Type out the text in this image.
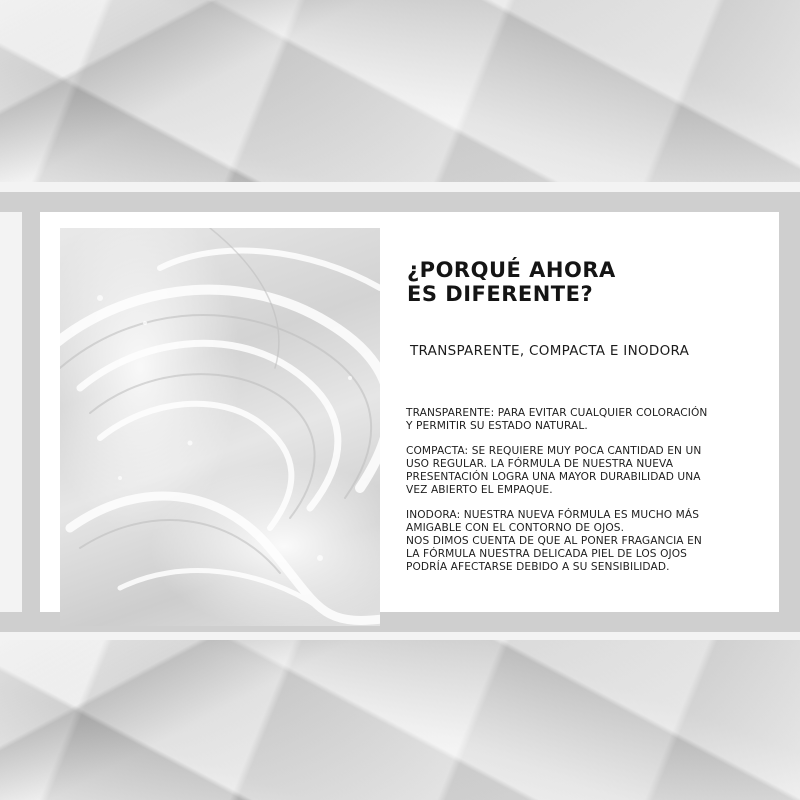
¿PORQUÉ AHORA
ES DIFERENTE?
TRANSPARENTE, COMPACTA E INODORA

TRANSPARENTE: PARA EVITAR CUALQUIER COLORACIÓN
Y PERMITIR SU ESTADO NATURAL.

COMPACTA: SE REQUIERE MUY POCA CANTIDAD EN UN
USO REGULAR. LA FÓRMULA DE NUESTRA NUEVA
PRESENTACIÓN LOGRA UNA MAYOR DURABILIDAD UNA
VEZ ABIERTO EL EMPAQUE.

INODORA: NUESTRA NUEVA FÓRMULA ES MUCHO MÁS
AMIGABLE CON EL CONTORNO DE OJOS.
NOS DIMOS CUENTA DE QUE AL PONER FRAGANCIA EN
LA FÓRMULA NUESTRA DELICADA PIEL DE LOS OJOS
PODRÍA AFECTARSE DEBIDO A SU SENSIBILIDAD.
